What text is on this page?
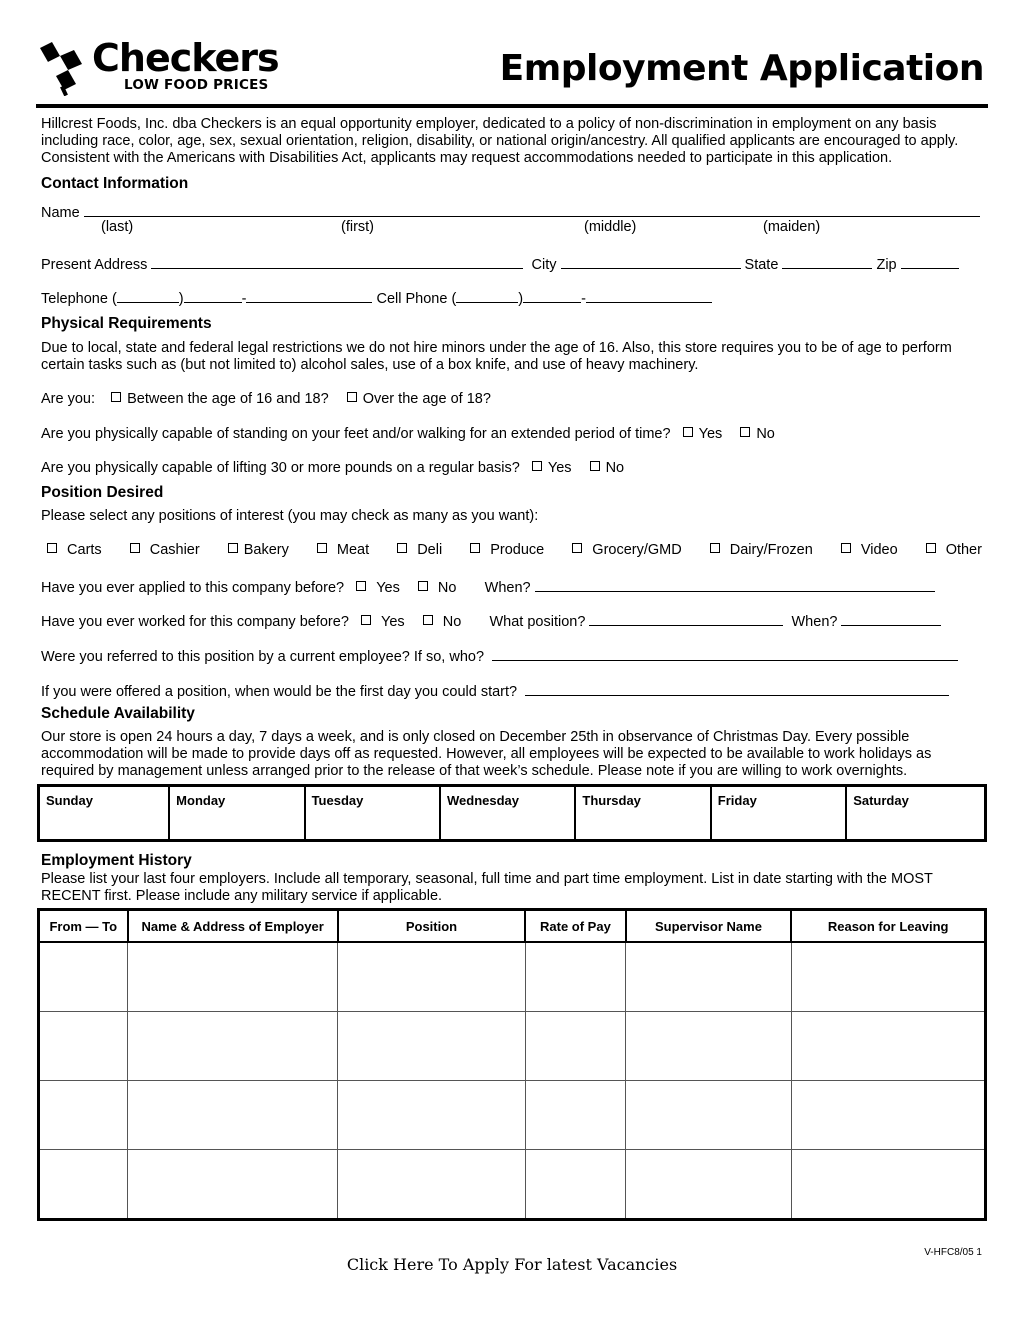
Checkers
LOW FOOD PRICES	Employment Application
Hillcrest Foods, Inc. dba Checkers is an equal opportunity employer, dedicated to a policy of non-discrimination in employment on any basis including race, color, age, sex, sexual orientation, religion, disability, or national origin/ancestry. All qualified applicants are encouraged to apply. Consistent with the Americans with Disabilities Act, applicants may request accommodations needed to participate in this application.
Contact Information
Name
(last)	(first)	(middle)	(maiden)
Present Address	City	State	Zip
Telephone (	)	-	Cell Phone (	)	-
Physical Requirements
Due to local, state and federal legal restrictions we do not hire minors under the age of 16. Also, this store requires you to be of age to perform certain tasks such as (but not limited to) alcohol sales, use of a box knife, and use of heavy machinery.
Are you: Between the age of 16 and 18? Over the age of 18?
Are you physically capable of standing on your feet and/or walking for an extended period of time? Yes No
Are you physically capable of lifting 30 or more pounds on a regular basis? Yes No
Position Desired
Please select any positions of interest (you may check as many as you want):
Carts	Cashier	Bakery	Meat	Deli	Produce	Grocery/GMD	Dairy/Frozen	Video	Other
Have you ever applied to this company before? Yes	No When?
Have you ever worked for this company before? Yes	No What position?	When?
Were you referred to this position by a current employee? If so, who?
If you were offered a position, when would be the first day you could start?
Schedule Availability
Our store is open 24 hours a day, 7 days a week, and is only closed on December 25th in observance of Christmas Day. Every possible accommodation will be made to provide days off as requested. However, all employees will be expected to be available to work holidays as required by management unless arranged prior to the release of that week’s schedule. Please note if you are willing to work overnights.
Sunday	Monday	Tuesday	Wednesday	Thursday	Friday	Saturday
Employment History
Please list your last four employers. Include all temporary, seasonal, full time and part time employment. List in date starting with the MOST RECENT first. Please include any military service if applicable.
From — To	Name & Address of Employer	Position	Rate of Pay	Supervisor Name	Reason for Leaving

V-HFC8/05 1
Click Here To Apply For latest Vacancies
